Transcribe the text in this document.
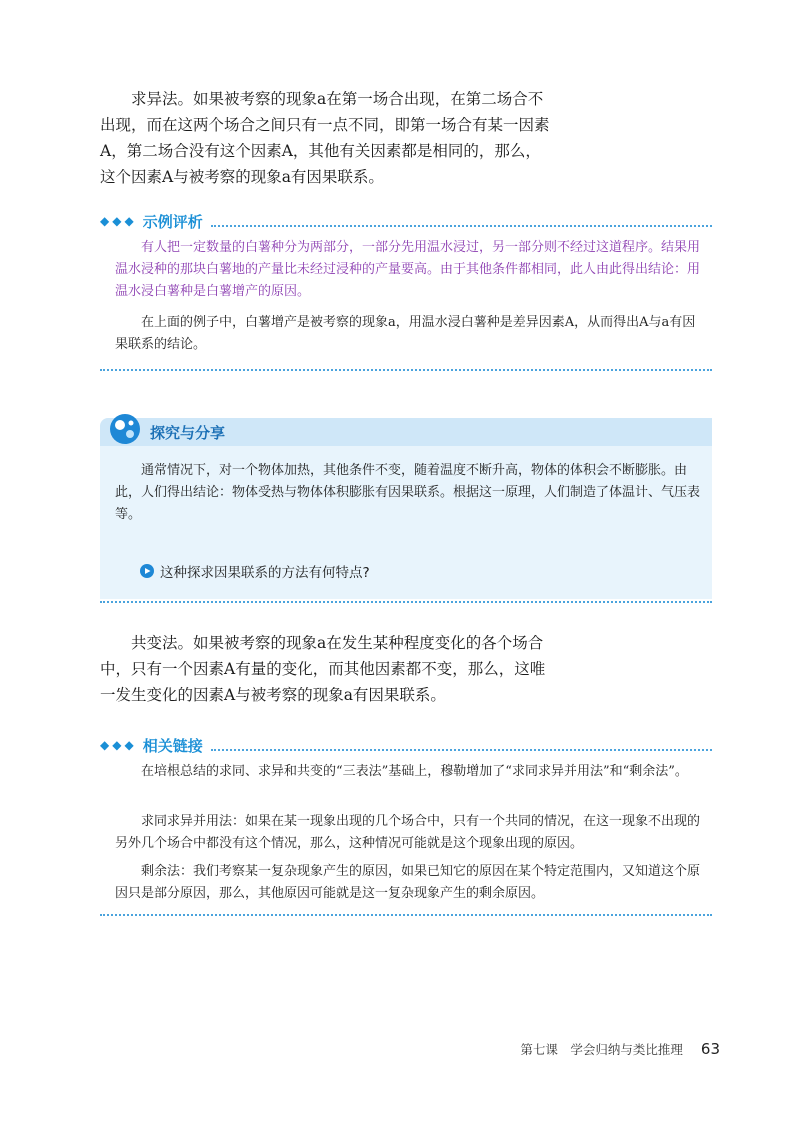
求异法。如果被考察的现象a在第一场合出现，在第二场合不出现，而在这两个场合之间只有一点不同，即第一场合有某一因素A，第二场合没有这个因素A，其他有关因素都是相同的，那么，这个因素A与被考察的现象a有因果联系。

◆◆◆ 示例评析

有人把一定数量的白薯种分为两部分，一部分先用温水浸过，另一部分则不经过这道程序。结果用温水浸种的那块白薯地的产量比未经过浸种的产量要高。由于其他条件都相同，此人由此得出结论：用温水浸白薯种是白薯增产的原因。

在上面的例子中，白薯增产是被考察的现象a，用温水浸白薯种是差异因素A，从而得出A与a有因果联系的结论。

探究与分享

通常情况下，对一个物体加热，其他条件不变，随着温度不断升高，物体的体积会不断膨胀。由此，人们得出结论：物体受热与物体体积膨胀有因果联系。根据这一原理，人们制造了体温计、气压表等。

这种探求因果联系的方法有何特点?

共变法。如果被考察的现象a在发生某种程度变化的各个场合中，只有一个因素A有量的变化，而其他因素都不变，那么，这唯一发生变化的因素A与被考察的现象a有因果联系。

◆◆◆ 相关链接

在培根总结的求同、求异和共变的“三表法”基础上，穆勒增加了“求同求异并用法”和“剩余法”。

求同求异并用法：如果在某一现象出现的几个场合中，只有一个共同的情况，在这一现象不出现的另外几个场合中都没有这个情况，那么，这种情况可能就是这个现象出现的原因。

剩余法：我们考察某一复杂现象产生的原因，如果已知它的原因在某个特定范围内，又知道这个原因只是部分原因，那么，其他原因可能就是这一复杂现象产生的剩余原因。

第七课　学会归纳与类比推理 63
